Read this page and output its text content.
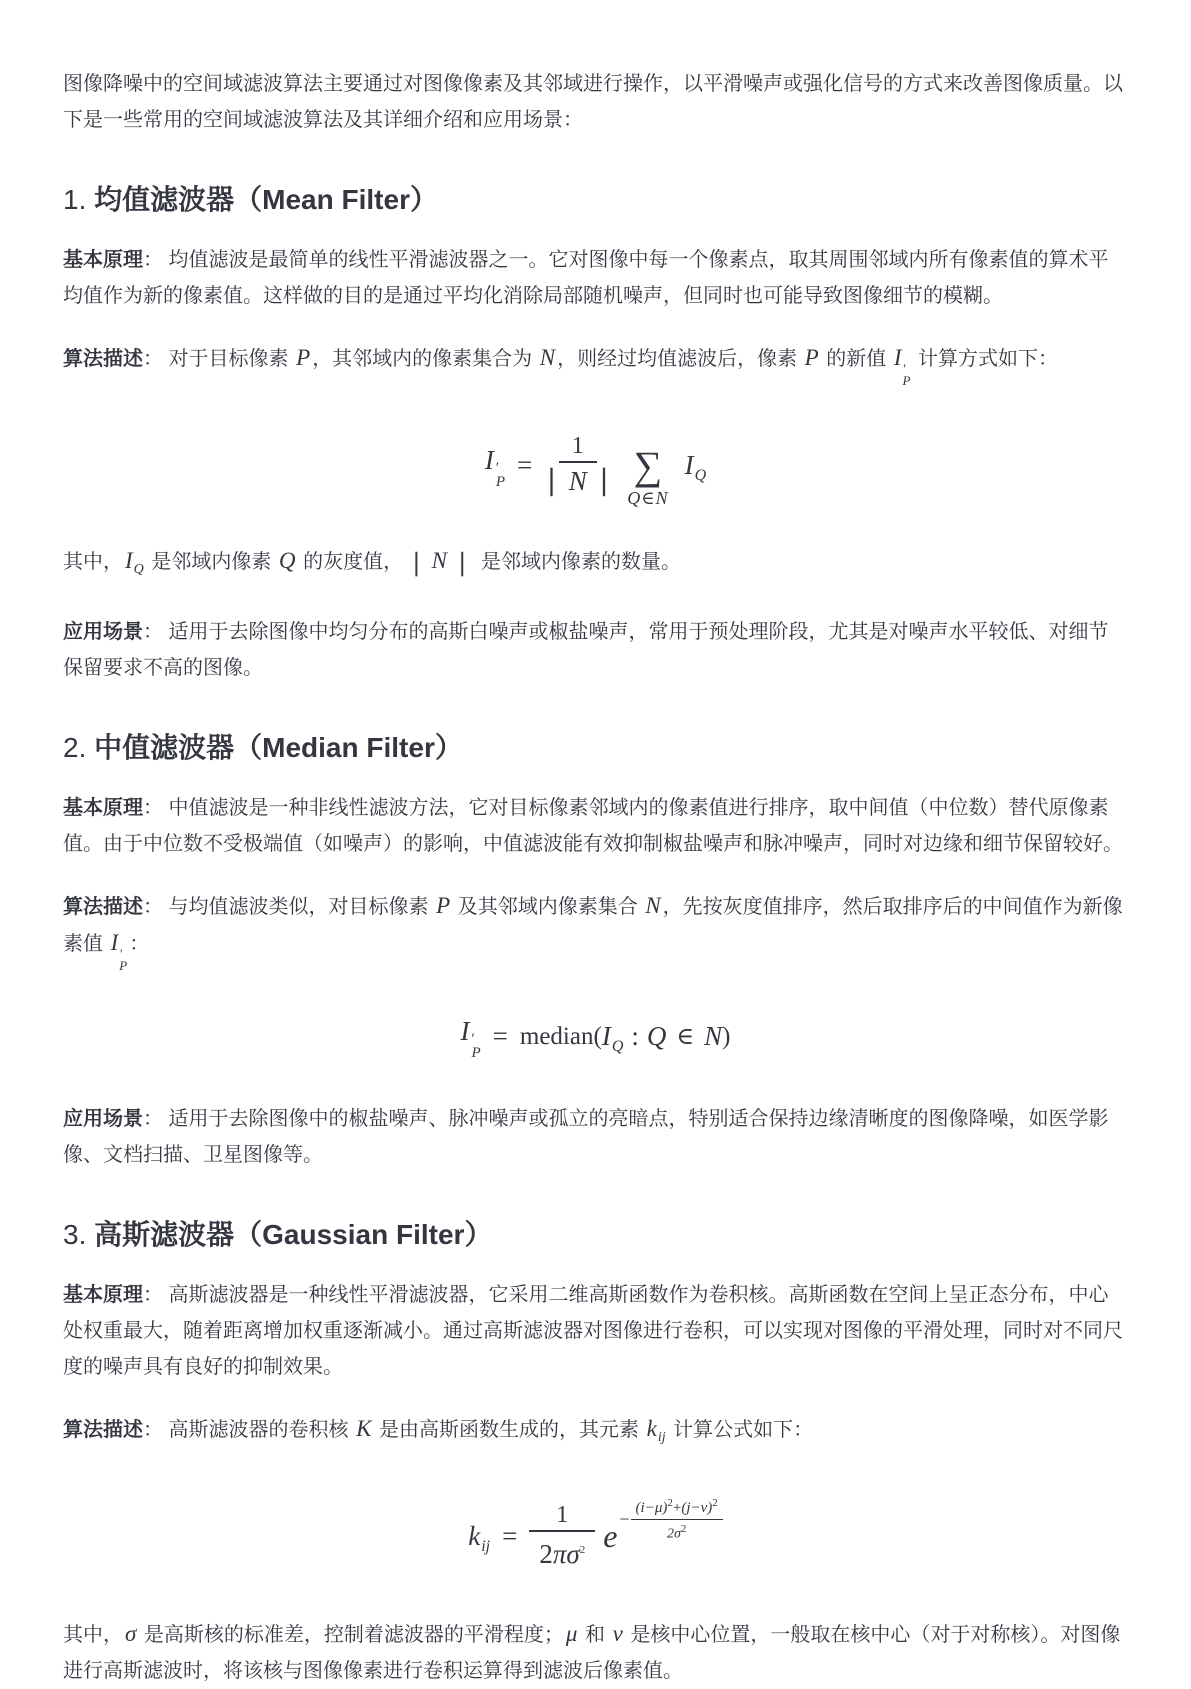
图像降噪中的空间域滤波算法主要通过对图像像素及其邻域进行操作，以平滑噪声或强化信号的方式来改善图像质量。以下是一些常用的空间域滤波算法及其详细介绍和应用场景：

1. 均值滤波器（Mean Filter）

基本原理： 均值滤波是最简单的线性平滑滤波器之一。它对图像中每一个像素点，取其周围邻域内所有像素值的算术平均值作为新的像素值。这样做的目的是通过平均化消除局部随机噪声，但同时也可能导致图像细节的模糊。

算法描述： 对于目标像素 P ，其邻域内的像素集合为 N ，则经过均值滤波后，像素 P 的新值 I ′
P
计算方式如下：

I ′
P
= ∣ $\frac{1}{N}$ ∣ ∑
Q∈N
I Q

其中，$I_Q$ 是邻域内像素 Q 的灰度值， ∣ N ∣ 是邻域内像素的数量。

应用场景： 适用于去除图像中均匀分布的高斯白噪声或椒盐噪声，常用于预处理阶段，尤其是对噪声水平较低、对细节保留要求不高的图像。

2. 中值滤波器（Median Filter）

基本原理： 中值滤波是一种非线性滤波方法，它对目标像素邻域内的像素值进行排序，取中间值（中位数）替代原像素值。由于中位数不受极端值（如噪声）的影响，中值滤波能有效抑制椒盐噪声和脉冲噪声，同时对边缘和细节保留较好。

算法描述： 与均值滤波类似，对目标像素 P 及其邻域内像素集合 N ，先按灰度值排序，然后取排序后的中间值作为新像素值 I ′
P
：

I ′
P
= median( I Q : Q ∈ N )

应用场景： 适用于去除图像中的椒盐噪声、脉冲噪声或孤立的亮暗点，特别适合保持边缘清晰度的图像降噪，如医学影像、文档扫描、卫星图像等。

3. 高斯滤波器（Gaussian Filter）

基本原理： 高斯滤波器是一种线性平滑滤波器，它采用二维高斯函数作为卷积核。高斯函数在空间上呈正态分布，中心处权重最大，随着距离增加权重逐渐减小。通过高斯滤波器对图像进行卷积，可以实现对图像的平滑处理，同时对不同尺度的噪声具有良好的抑制效果。

算法描述： 高斯滤波器的卷积核 K 是由高斯函数生成的，其元素 $k_{ij}$ 计算公式如下：

k ij = $\frac{1}{2\pi\sigma^2}$ $e - \frac{(i-\mu)^2+(j-\nu)^2}{2\sigma^2}$

其中，σ 是高斯核的标准差，控制着滤波器的平滑程度；μ 和 ν 是核中心位置，一般取在核中心（对于对称核）。对图像进行高斯滤波时，将该核与图像像素进行卷积运算得到滤波后像素值。
